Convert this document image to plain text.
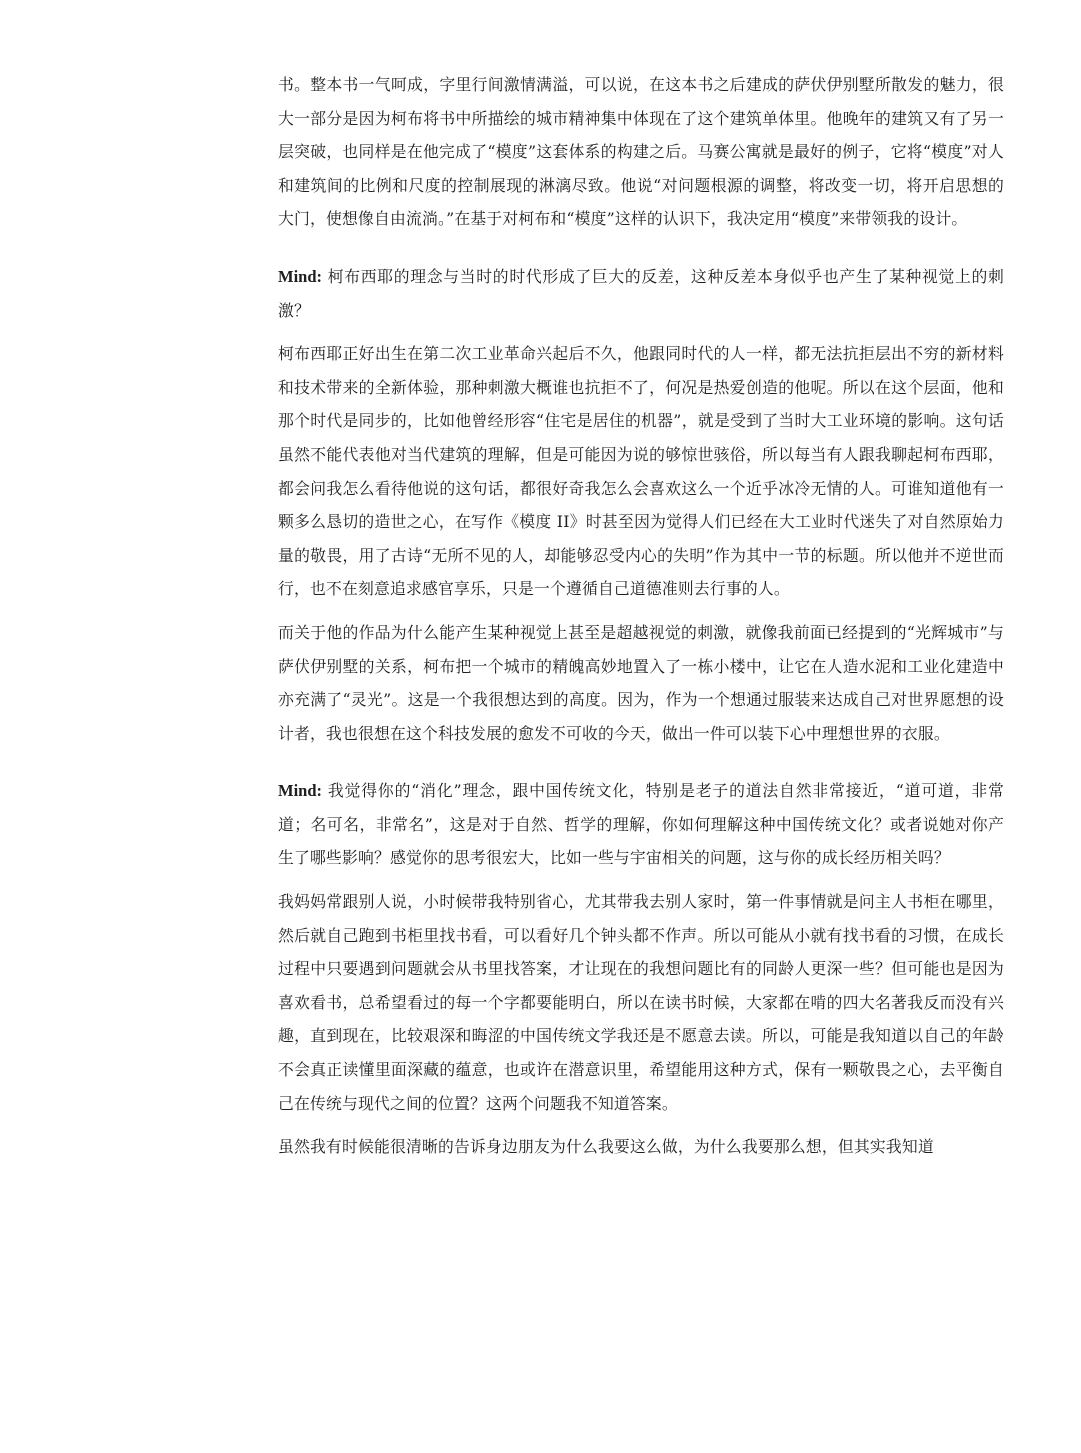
书。整本书一气呵成，字里行间激情满溢，可以说，在这本书之后建成的萨伏伊别墅所散发的魅力，很大一部分是因为柯布将书中所描绘的城市精神集中体现在了这个建筑单体里。他晚年的建筑又有了另一层突破，也同样是在他完成了“模度”这套体系的构建之后。马赛公寓就是最好的例子，它将“模度”对人和建筑间的比例和尺度的控制展现的淋漓尽致。他说“对问题根源的调整，将改变一切，将开启思想的大门，使想像自由流淌。”在基于对柯布和“模度”这样的认识下，我决定用“模度”来带领我的设计。

Mind: 柯布西耶的理念与当时的时代形成了巨大的反差，这种反差本身似乎也产生了某种视觉上的刺激？

柯布西耶正好出生在第二次工业革命兴起后不久，他跟同时代的人一样，都无法抗拒层出不穷的新材料和技术带来的全新体验，那种刺激大概谁也抗拒不了，何况是热爱创造的他呢。所以在这个层面，他和那个时代是同步的，比如他曾经形容“住宅是居住的机器”，就是受到了当时大工业环境的影响。这句话虽然不能代表他对当代建筑的理解，但是可能因为说的够惊世骇俗，所以每当有人跟我聊起柯布西耶，都会问我怎么看待他说的这句话，都很好奇我怎么会喜欢这么一个近乎冰冷无情的人。可谁知道他有一颗多么恳切的造世之心，在写作《模度 II》时甚至因为觉得人们已经在大工业时代迷失了对自然原始力量的敬畏，用了古诗“无所不见的人，却能够忍受内心的失明”作为其中一节的标题。所以他并不逆世而行，也不在刻意追求感官享乐，只是一个遵循自己道德准则去行事的人。

而关于他的作品为什么能产生某种视觉上甚至是超越视觉的刺激，就像我前面已经提到的“光辉城市”与萨伏伊别墅的关系，柯布把一个城市的精魄高妙地置入了一栋小楼中，让它在人造水泥和工业化建造中亦充满了“灵光”。这是一个我很想达到的高度。因为，作为一个想通过服装来达成自己对世界愿想的设计者，我也很想在这个科技发展的愈发不可收的今天，做出一件可以装下心中理想世界的衣服。

Mind: 我觉得你的“消化”理念，跟中国传统文化，特别是老子的道法自然非常接近，“道可道，非常道；名可名，非常名”，这是对于自然、哲学的理解，你如何理解这种中国传统文化？或者说她对你产生了哪些影响？感觉你的思考很宏大，比如一些与宇宙相关的问题，这与你的成长经历相关吗？

我妈妈常跟别人说，小时候带我特别省心，尤其带我去别人家时，第一件事情就是问主人书柜在哪里，然后就自己跑到书柜里找书看，可以看好几个钟头都不作声。所以可能从小就有找书看的习惯，在成长过程中只要遇到问题就会从书里找答案，才让现在的我想问题比有的同龄人更深一些？但可能也是因为喜欢看书，总希望看过的每一个字都要能明白，所以在读书时候，大家都在啃的四大名著我反而没有兴趣，直到现在，比较艰深和晦涩的中国传统文学我还是不愿意去读。所以，可能是我知道以自己的年龄不会真正读懂里面深藏的蕴意，也或许在潜意识里，希望能用这种方式，保有一颗敬畏之心，去平衡自己在传统与现代之间的位置？这两个问题我不知道答案。

虽然我有时候能很清晰的告诉身边朋友为什么我要这么做，为什么我要那么想，但其实我知道
